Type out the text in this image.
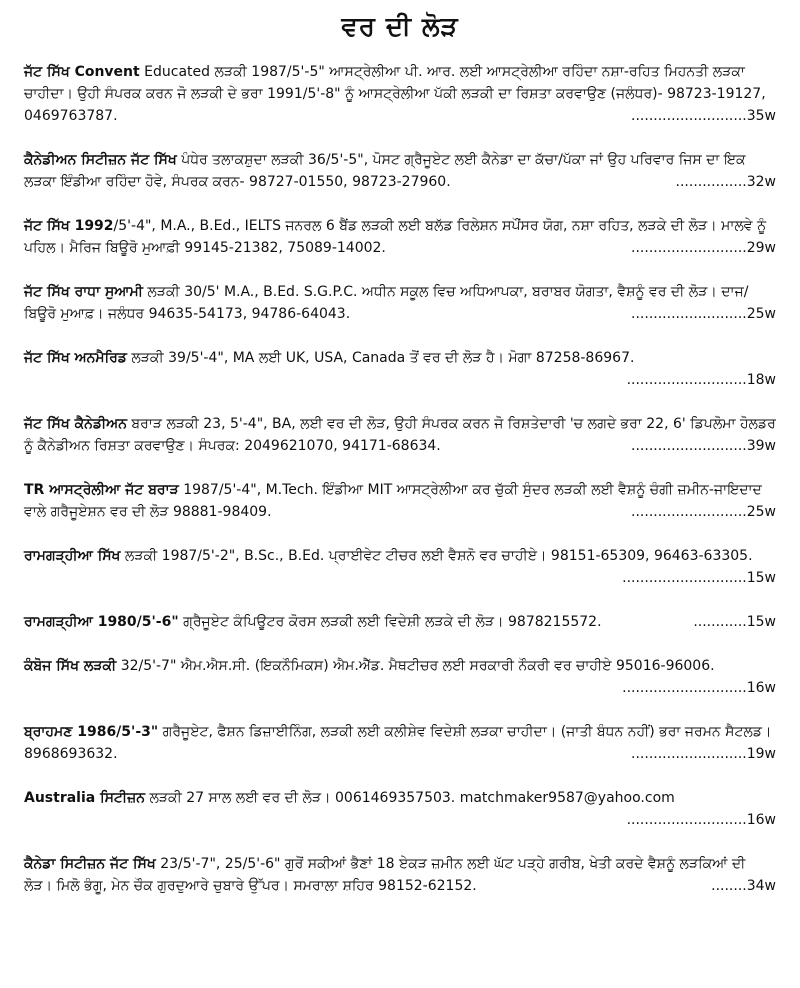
ਵਰ ਦੀ ਲੋੜ
ਜੱਟ ਸਿੱਖ Convent Educated ਲੜਕੀ 1987/5'-5" ਆਸਟ੍ਰੇਲੀਆ ਪੀ. ਆਰ. ਲਈ ਆਸਟ੍ਰੇਲੀਆ ਰਹਿੰਦਾ ਨਸ਼ਾ-ਰਹਿਤ ਮਿਹਨਤੀ ਲੜਕਾ ਚਾਹੀਦਾ। ਉਹੀ ਸੰਪਰਕ ਕਰਨ ਜੋ ਲੜਕੀ ਦੇ ਭਰਾ 1991/5'-8" ਨੂੰ ਆਸਟ੍ਰੇਲੀਆ ਪੱਕੀ ਲੜਕੀ ਦਾ ਰਿਸ਼ਤਾ ਕਰਵਾਉਣ (ਜਲੰਧਰ)- 98723-19127, 0469763787.	..........................35w
ਕੈਨੇਡੀਅਨ ਸਿਟੀਜ਼ਨ ਜੱਟ ਸਿੱਖ ਪੰਧੇਰ ਤਲਾਕਸ਼ੁਦਾ ਲੜਕੀ 36/5'-5", ਪੋਸਟ ਗ੍ਰੈਜੂਏਟ ਲਈ ਕੈਨੇਡਾ ਦਾ ਕੱਚਾ/ਪੱਕਾ ਜਾਂ ਉਹ ਪਰਿਵਾਰ ਜਿਸ ਦਾ ਇਕ ਲੜਕਾ ਇੰਡੀਆ ਰਹਿੰਦਾ ਹੋਵੇ, ਸੰਪਰਕ ਕਰਨ- 98727-01550, 98723-27960.	................32w
ਜੱਟ ਸਿੱਖ 1992/5'-4", M.A., B.Ed., IELTS ਜਨਰਲ 6 ਬੈਂਡ ਲੜਕੀ ਲਈ ਬਲੱਡ ਰਿਲੇਸ਼ਨ ਸਪੌਂਸਰ ਯੋਗ, ਨਸ਼ਾ ਰਹਿਤ, ਲੜਕੇ ਦੀ ਲੋੜ। ਮਾਲਵੇ ਨੂੰ ਪਹਿਲ। ਮੈਰਿਜ ਬਿਊਰੋ ਮੁਆਫ਼ੀ 99145-21382, 75089-14002.	..........................29w
ਜੱਟ ਸਿੱਖ ਰਾਧਾ ਸੁਆਮੀ ਲੜਕੀ 30/5' M.A., B.Ed. S.G.P.C. ਅਧੀਨ ਸਕੂਲ ਵਿਚ ਅਧਿਆਪਕਾ, ਬਰਾਬਰ ਯੋਗਤਾ, ਵੈਸ਼ਨੂੰ ਵਰ ਦੀ ਲੋੜ। ਦਾਜ/ਬਿਊਰੋ ਮੁਆਫ਼। ਜਲੰਧਰ 94635-54173, 94786-64043.	..........................25w
ਜੱਟ ਸਿੱਖ ਅਨਮੈਰਿਡ ਲੜਕੀ 39/5'-4", MA ਲਈ UK, USA, Canada ਤੋਂ ਵਰ ਦੀ ਲੋੜ ਹੈ। ਮੋਗਾ 87258-86967.
...........................18w
ਜੱਟ ਸਿੱਖ ਕੈਨੇਡੀਅਨ ਬਰਾੜ ਲੜਕੀ 23, 5'-4", BA, ਲਈ ਵਰ ਦੀ ਲੋੜ, ਉਹੀ ਸੰਪਰਕ ਕਰਨ ਜੋ ਰਿਸ਼ਤੇਦਾਰੀ 'ਚ ਲਗਦੇ ਭਰਾ 22, 6' ਡਿਪਲੋਮਾ ਹੋਲਡਰ ਨੂੰ ਕੈਨੇਡੀਅਨ ਰਿਸ਼ਤਾ ਕਰਵਾਉਣ। ਸੰਪਰਕ: 2049621070, 94171-68634.	..........................39w
TR ਆਸਟ੍ਰੇਲੀਆ ਜੱਟ ਬਰਾੜ 1987/5'-4", M.Tech. ਇੰਡੀਆ MIT ਆਸਟ੍ਰੇਲੀਆ ਕਰ ਚੁੱਕੀ ਸੁੰਦਰ ਲੜਕੀ ਲਈ ਵੈਸ਼ਨੂੰ ਚੰਗੀ ਜ਼ਮੀਨ-ਜਾਇਦਾਦ ਵਾਲੇ ਗਰੈਜੂਏਸ਼ਨ ਵਰ ਦੀ ਲੋੜ 98881-98409.	..........................25w
ਰਾਮਗੜ੍ਹੀਆ ਸਿੱਖ ਲੜਕੀ 1987/5'-2", B.Sc., B.Ed. ਪ੍ਰਾਈਵੇਟ ਟੀਚਰ ਲਈ ਵੈਸ਼ਨੋ ਵਰ ਚਾਹੀਏ। 98151-65309, 96463-63305.
............................15w
ਰਾਮਗੜ੍ਹੀਆ 1980/5'-6" ਗ੍ਰੈਜੂਏਟ ਕੰਪਿਊਟਰ ਕੋਰਸ ਲੜਕੀ ਲਈ ਵਿਦੇਸ਼ੀ ਲੜਕੇ ਦੀ ਲੋੜ। 9878215572.	............15w
ਕੰਬੋਜ ਸਿੱਖ ਲੜਕੀ 32/5'-7" ਐਮ.ਐਸ.ਸੀ. (ਇਕਨੌਮਿਕਸ) ਐਮ.ਐੱਡ. ਮੈਥਟੀਚਰ ਲਈ ਸਰਕਾਰੀ ਨੌਕਰੀ ਵਰ ਚਾਹੀਏ 95016-96006.
............................16w
ਬ੍ਰਾਹਮਣ 1986/5'-3" ਗਰੈਜੂਏਟ, ਫੈਸ਼ਨ ਡਿਜ਼ਾਈਨਿੰਗ, ਲੜਕੀ ਲਈ ਕਲੀਸ਼ੇਵ ਵਿਦੇਸ਼ੀ ਲੜਕਾ ਚਾਹੀਦਾ। (ਜਾਤੀ ਬੰਧਨ ਨਹੀਂ) ਭਰਾ ਜਰਮਨ ਸੈਟਲਡ। 8968693632.	..........................19w
Australia ਸਿਟੀਜ਼ਨ ਲੜਕੀ 27 ਸਾਲ ਲਈ ਵਰ ਦੀ ਲੋੜ। 0061469357503. matchmaker9587@yahoo.com
...........................16w
ਕੈਨੇਡਾ ਸਿਟੀਜ਼ਨ ਜੱਟ ਸਿੱਖ 23/5'-7", 25/5'-6" ਗੁਰੋਂ ਸਕੀਆਂ ਭੈਣਾਂ 18 ਏਕੜ ਜ਼ਮੀਨ ਲਈ ਘੱਟ ਪੜ੍ਹੇ ਗਰੀਬ, ਖੇਤੀ ਕਰਦੇ ਵੈਸ਼ਨੂੰ ਲੜਕਿਆਂ ਦੀ ਲੋੜ। ਮਿਲੋ ਭੰਗੂ, ਮੇਨ ਚੌਕ ਗੁਰਦੁਆਰੇ ਚੁਬਾਰੇ ਉੱਪਰ। ਸਮਰਾਲਾ ਸ਼ਹਿਰ 98152-62152.	........34w
